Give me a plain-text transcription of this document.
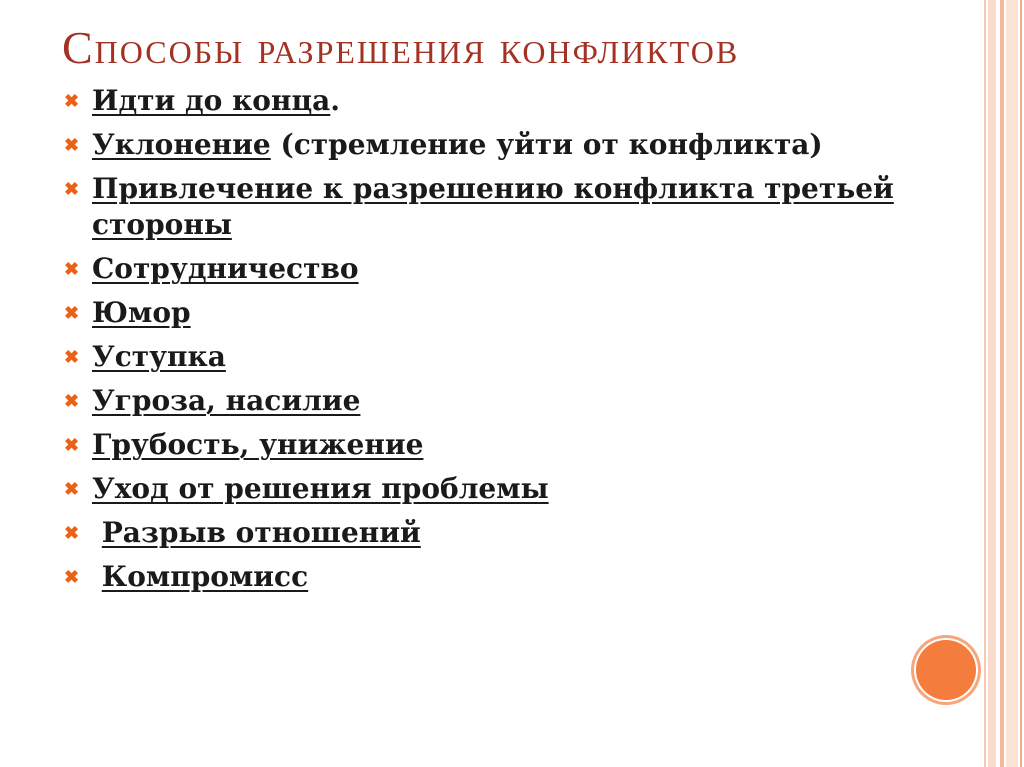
Способы разрешения конфликтов
✖ Идти до конца.
✖ Уклонение (стремление уйти от конфликта)
✖ Привлечение к разрешению конфликта третьей стороны
✖ Сотрудничество
✖ Юмор
✖ Уступка
✖ Угроза, насилие
✖ Грубость, унижение
✖ Уход от решения проблемы
✖ Разрыв отношений
✖ Компромисс
